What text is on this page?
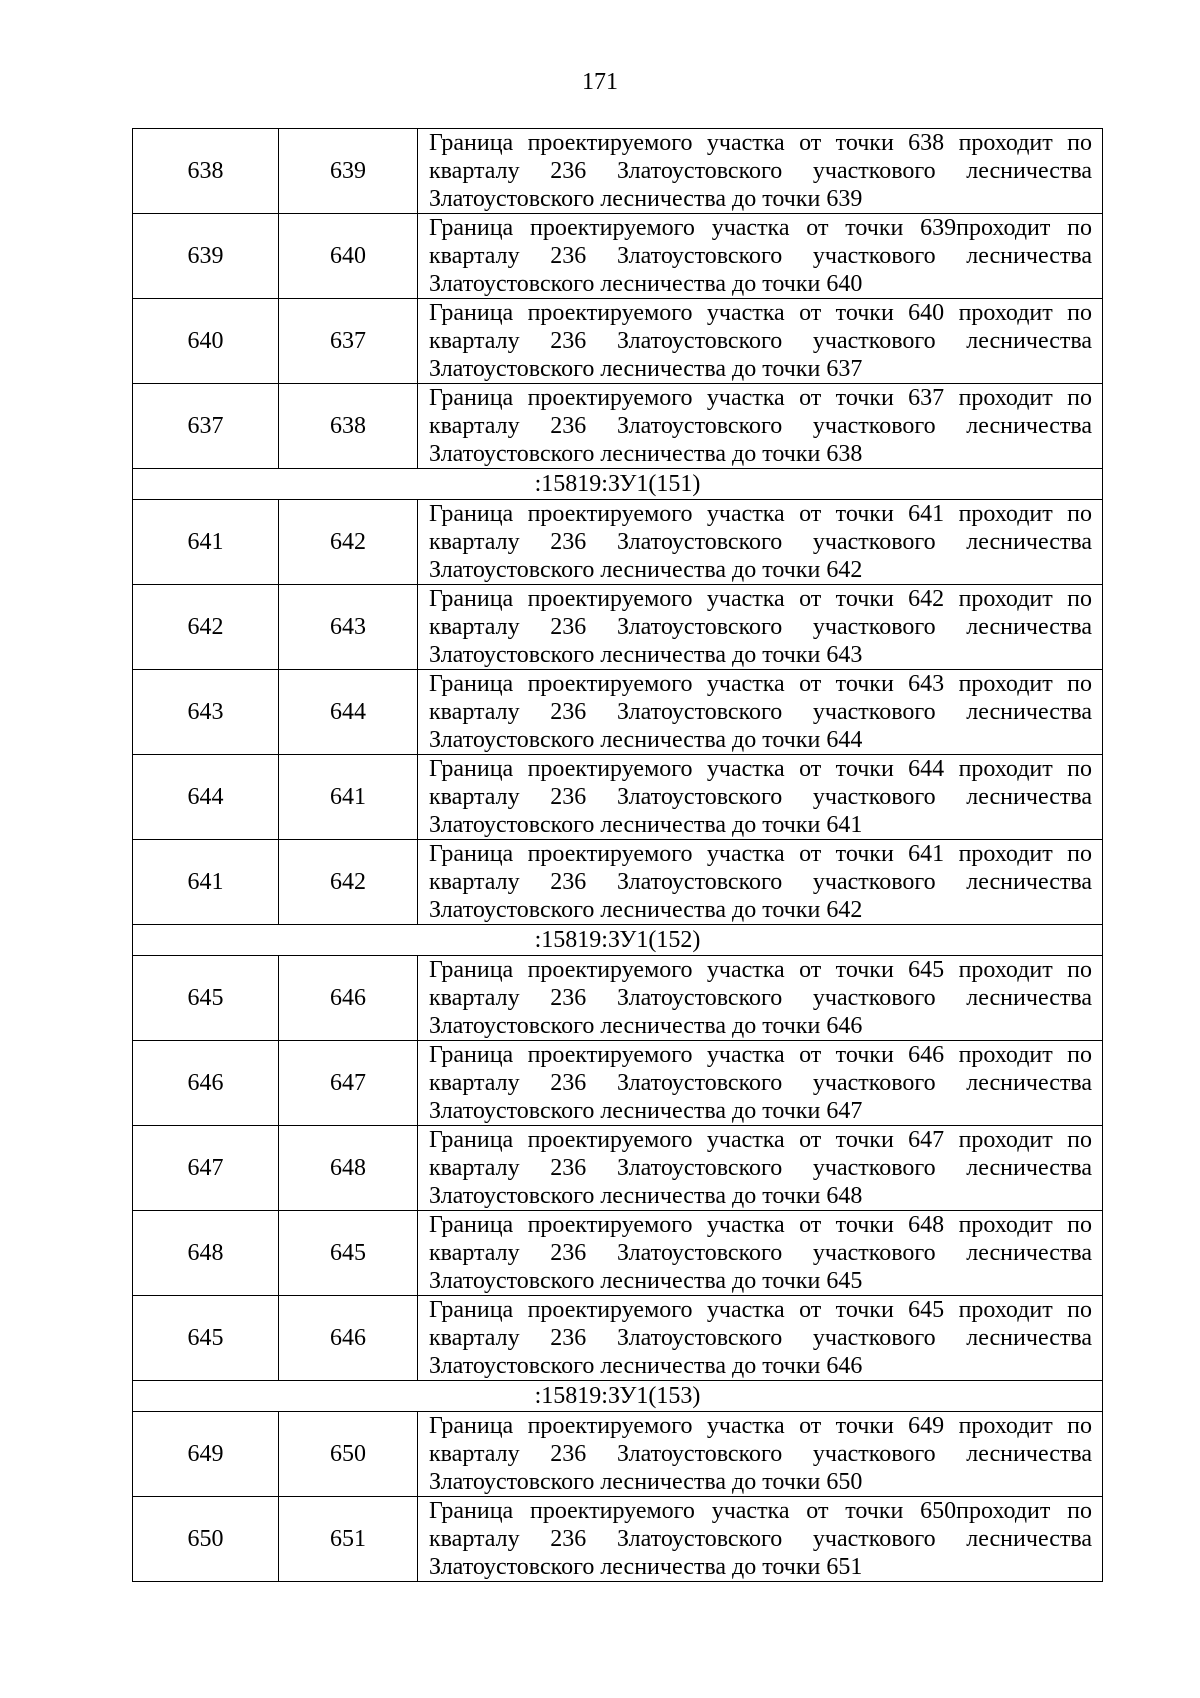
171
638	639	Граница проектируемого участка от точки 638 проходит по кварталу 236 Златоустовского участкового лесничества Златоустовского лесничества до точки 639
639	640	Граница проектируемого участка от точки 639проходит по кварталу 236 Златоустовского участкового лесничества Златоустовского лесничества до точки 640
640	637	Граница проектируемого участка от точки 640 проходит по кварталу 236 Златоустовского участкового лесничества Златоустовского лесничества до точки 637
637	638	Граница проектируемого участка от точки 637 проходит по кварталу 236 Златоустовского участкового лесничества Златоустовского лесничества до точки 638
:15819:ЗУ1(151)		
641	642	Граница проектируемого участка от точки 641 проходит по кварталу 236 Златоустовского участкового лесничества Златоустовского лесничества до точки 642
642	643	Граница проектируемого участка от точки 642 проходит по кварталу 236 Златоустовского участкового лесничества Златоустовского лесничества до точки 643
643	644	Граница проектируемого участка от точки 643 проходит по кварталу 236 Златоустовского участкового лесничества Златоустовского лесничества до точки 644
644	641	Граница проектируемого участка от точки 644 проходит по кварталу 236 Златоустовского участкового лесничества Златоустовского лесничества до точки 641
641	642	Граница проектируемого участка от точки 641 проходит по кварталу 236 Златоустовского участкового лесничества Златоустовского лесничества до точки 642
:15819:ЗУ1(152)		
645	646	Граница проектируемого участка от точки 645 проходит по кварталу 236 Златоустовского участкового лесничества Златоустовского лесничества до точки 646
646	647	Граница проектируемого участка от точки 646 проходит по кварталу 236 Златоустовского участкового лесничества Златоустовского лесничества до точки 647
647	648	Граница проектируемого участка от точки 647 проходит по кварталу 236 Златоустовского участкового лесничества Златоустовского лесничества до точки 648
648	645	Граница проектируемого участка от точки 648 проходит по кварталу 236 Златоустовского участкового лесничества Златоустовского лесничества до точки 645
645	646	Граница проектируемого участка от точки 645 проходит по кварталу 236 Златоустовского участкового лесничества Златоустовского лесничества до точки 646
:15819:ЗУ1(153)		
649	650	Граница проектируемого участка от точки 649 проходит по кварталу 236 Златоустовского участкового лесничества Златоустовского лесничества до точки 650
650	651	Граница проектируемого участка от точки 650проходит по кварталу 236 Златоустовского участкового лесничества Златоустовского лесничества до точки 651
